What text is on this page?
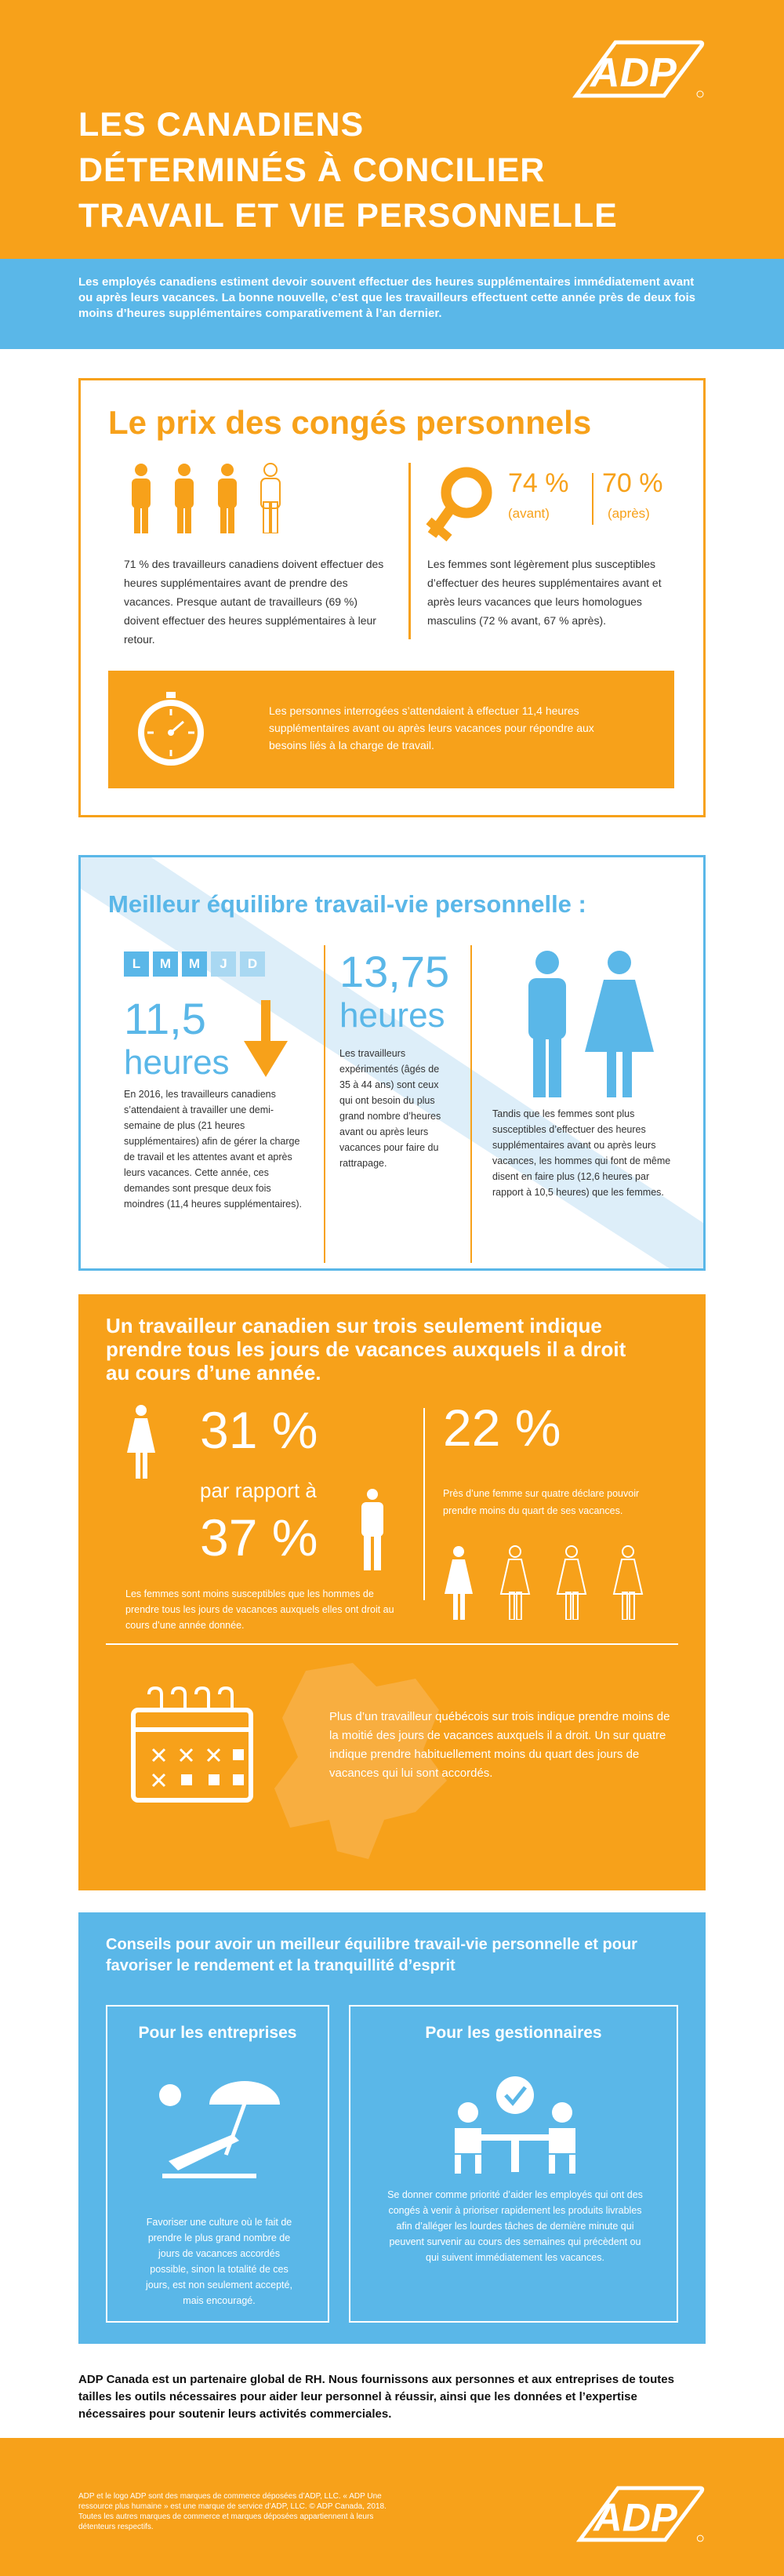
ADP
LES CANADIENS
DÉTERMINÉS À CONCILIER
TRAVAIL ET VIE PERSONNELLE

Les employés canadiens estiment devoir souvent effectuer des heures supplémentaires immédiatement avant ou après leurs vacances. La bonne nouvelle, c’est que les travailleurs effectuent cette année près de deux fois moins d’heures supplémentaires comparativement à l’an dernier.

Le prix des congés personnels

71 % des travailleurs canadiens doivent effectuer des heures supplémentaires avant de prendre des vacances. Presque autant de travailleurs (69 %) doivent effectuer des heures supplémentaires à leur retour.

74 %
(avant)
70 %
(après)

Les femmes sont légèrement plus susceptibles d’effectuer des heures supplémentaires avant et après leurs vacances que leurs homologues masculins (72 % avant, 67 % après).

Les personnes interrogées s’attendaient à effectuer 11,4 heures supplémentaires avant ou après leurs vacances pour répondre aux besoins liés à la charge de travail.

Meilleur équilibre travail-vie personnelle :
L	M	M	J	D
11,5
heures

En 2016, les travailleurs canadiens s’attendaient à travailler une demi-semaine de plus (21 heures supplémentaires) afin de gérer la charge de travail et les attentes avant et après leurs vacances. Cette année, ces demandes sont presque deux fois moindres (11,4 heures supplémentaires).

13,75
heures

Les travailleurs expérimentés (âgés de 35 à 44 ans) sont ceux qui ont besoin du plus grand nombre d’heures avant ou après leurs vacances pour faire du rattrapage.

Tandis que les femmes sont plus susceptibles d’effectuer des heures supplémentaires avant ou après leurs vacances, les hommes qui font de même disent en faire plus (12,6 heures par rapport à 10,5 heures) que les femmes.

Un travailleur canadien sur trois seulement indique prendre tous les jours de vacances auxquels il a droit au cours d’une année.
31 %
par rapport à
37 %

Les femmes sont moins susceptibles que les hommes de prendre tous les jours de vacances auxquels elles ont droit au cours d’une année donnée.

22 %

Près d’une femme sur quatre déclare pouvoir prendre moins du quart de ses vacances.

Plus d’un travailleur québécois sur trois indique prendre moins de la moitié des jours de vacances auxquels il a droit. Un sur quatre indique prendre habituellement moins du quart des jours de vacances qui lui sont accordés.

Conseils pour avoir un meilleur équilibre travail-vie personnelle et pour favoriser le rendement et la tranquillité d’esprit
Pour les entreprises

Favoriser une culture où le fait de prendre le plus grand nombre de jours de vacances accordés possible, sinon la totalité de ces jours, est non seulement accepté, mais encouragé.

Pour les gestionnaires

Se donner comme priorité d’aider les employés qui ont des congés à venir à prioriser rapidement les produits livrables afin d’alléger les lourdes tâches de dernière minute qui peuvent survenir au cours des semaines qui précèdent ou qui suivent immédiatement les vacances.

ADP Canada est un partenaire global de RH. Nous fournissons aux personnes et aux entreprises de toutes tailles les outils nécessaires pour aider leur personnel à réussir, ainsi que les données et l’expertise nécessaires pour soutenir leurs activités commerciales.

ADP et le logo ADP sont des marques de commerce déposées d’ADP, LLC. « ADP Une ressource plus humaine » est une marque de service d’ADP, LLC. © ADP Canada, 2018. Toutes les autres marques de commerce et marques déposées appartiennent à leurs détenteurs respectifs.	ADP
